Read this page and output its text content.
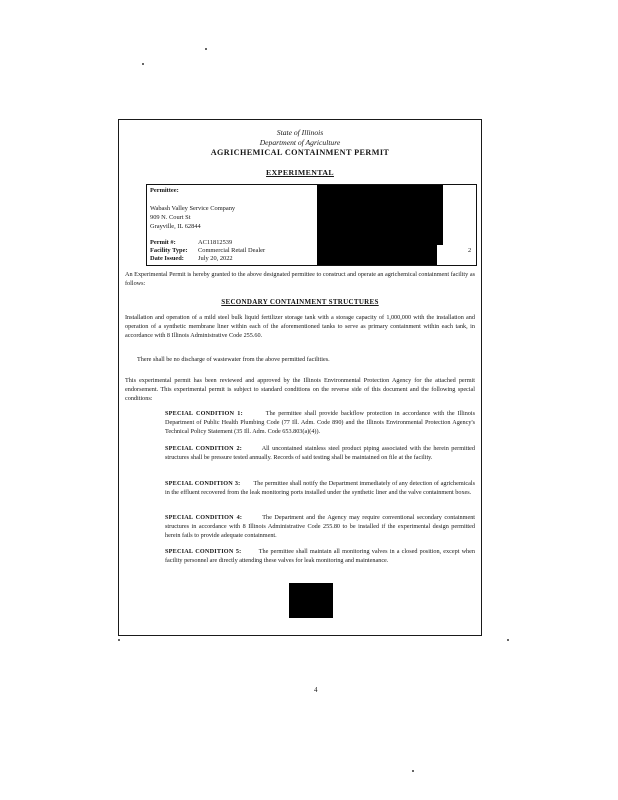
State of Illinois
Department of Agriculture
AGRICHEMICAL CONTAINMENT PERMIT
EXPERIMENTAL
Permittee:
Wabash Valley Service Company
909 N. Court St
Grayville, IL 62844
Permit #:	AC11812539
Facility Type: Commercial Retail Dealer
Date Issued: July 20, 2022
2
An Experimental Permit is hereby granted to the above designated permittee to construct and operate an agrichemical containment facility as follows:
SECONDARY CONTAINMENT STRUCTURES
Installation and operation of a mild steel bulk liquid fertilizer storage tank with a storage capacity of 1,000,000 with the installation and operation of a synthetic membrane liner within each of the aforementioned tanks to serve as primary containment within each tank, in accordance with 8 Illinois Administrative Code 255.60.
There shall be no discharge of wastewater from the above permitted facilities.
This experimental permit has been reviewed and approved by the Illinois Environmental Protection Agency for the attached permit endorsement. This experimental permit is subject to standard conditions on the reverse side of this document and the following special conditions:
SPECIAL CONDITION 1:	The permittee shall provide backflow protection in accordance with the Illinois Department of Public Health Plumbing Code (77 Ill. Adm. Code 890) and the Illinois Environmental Protection Agency's Technical Policy Statement (35 Ill. Adm. Code 653.803(a)(4)).
SPECIAL CONDITION 2:	All uncontained stainless steel product piping associated with the herein permitted structures shall be pressure tested annually. Records of said testing shall be maintained on file at the facility.
SPECIAL CONDITION 3: The permittee shall notify the Department immediately of any detection of agrichemicals in the effluent recovered from the leak monitoring ports installed under the synthetic liner and the valve containment boxes.
SPECIAL CONDITION 4:	The Department and the Agency may require conventional secondary containment structures in accordance with 8 Illinois Administrative Code 255.80 to be installed if the experimental design permitted herein fails to provide adequate containment.
SPECIAL CONDITION 5:	The permittee shall maintain all monitoring valves in a closed position, except when facility personnel are directly attending these valves for leak monitoring and maintenance.
4
